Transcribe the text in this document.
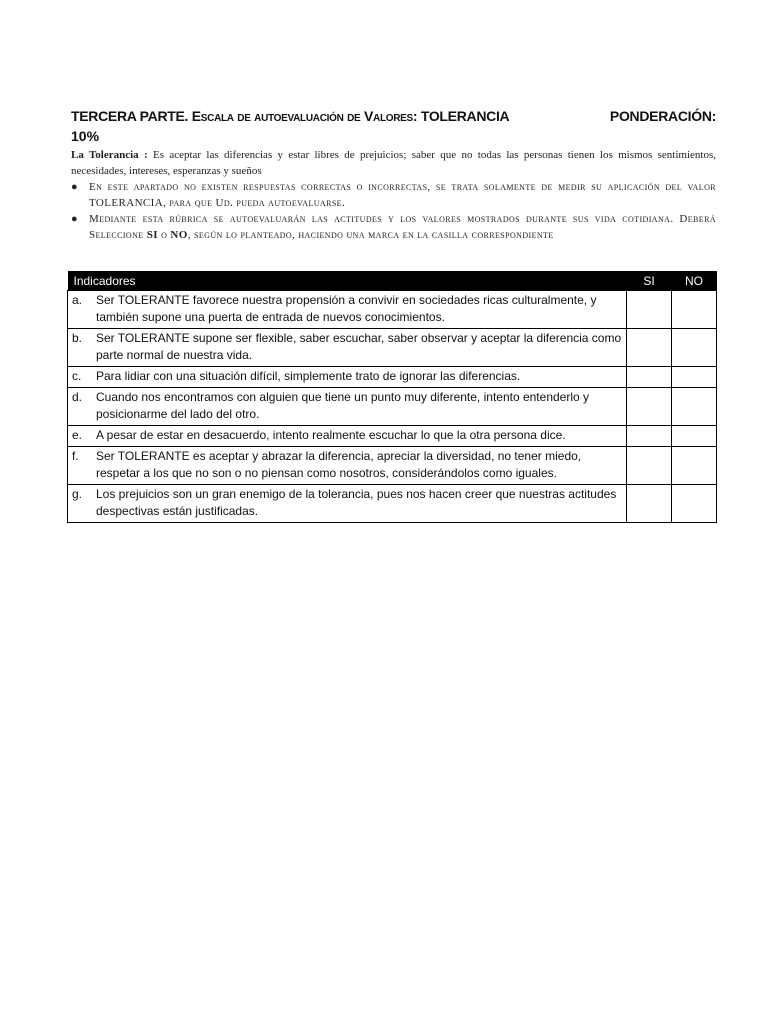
TERCERA PARTE. Escala de autoevaluación de Valores: TOLERANCIA	PONDERACIÓN:
10%
La Tolerancia : Es aceptar las diferencias y estar libres de prejuicios; saber que no todas las personas tienen los mismos sentimientos, necesidades, intereses, esperanzas y sueños
● En este apartado no existen respuestas correctas o incorrectas, se trata solamente de medir su aplicación del valor TOLERANCIA, para que Ud. pueda autoevaluarse.
● Mediante esta rúbrica se autoevaluarán las actitudes y los valores mostrados durante sus vida cotidiana. Deberá Seleccione SI o NO, según lo planteado, haciendo una marca en la casilla correspondiente
Indicadores	SI	NO

a. Ser TOLERANTE favorece nuestra propensión a convivir en sociedades ricas culturalmente, y también supone una puerta de entrada de nuevos conocimientos.		

b. Ser TOLERANTE supone ser flexible, saber escuchar, saber observar y aceptar la diferencia como parte normal de nuestra vida.		

c. Para lidiar con una situación difícil, simplemente trato de ignorar las diferencias.		

d. Cuando nos encontramos con alguien que tiene un punto muy diferente, intento entenderlo y posicionarme del lado del otro.		

e. A pesar de estar en desacuerdo, intento realmente escuchar lo que la otra persona dice.		

f. Ser TOLERANTE es aceptar y abrazar la diferencia, apreciar la diversidad, no tener miedo, respetar a los que no son o no piensan como nosotros, considerándolos como iguales.		

g. Los prejuicios son un gran enemigo de la tolerancia, pues nos hacen creer que nuestras actitudes despectivas están justificadas.		
